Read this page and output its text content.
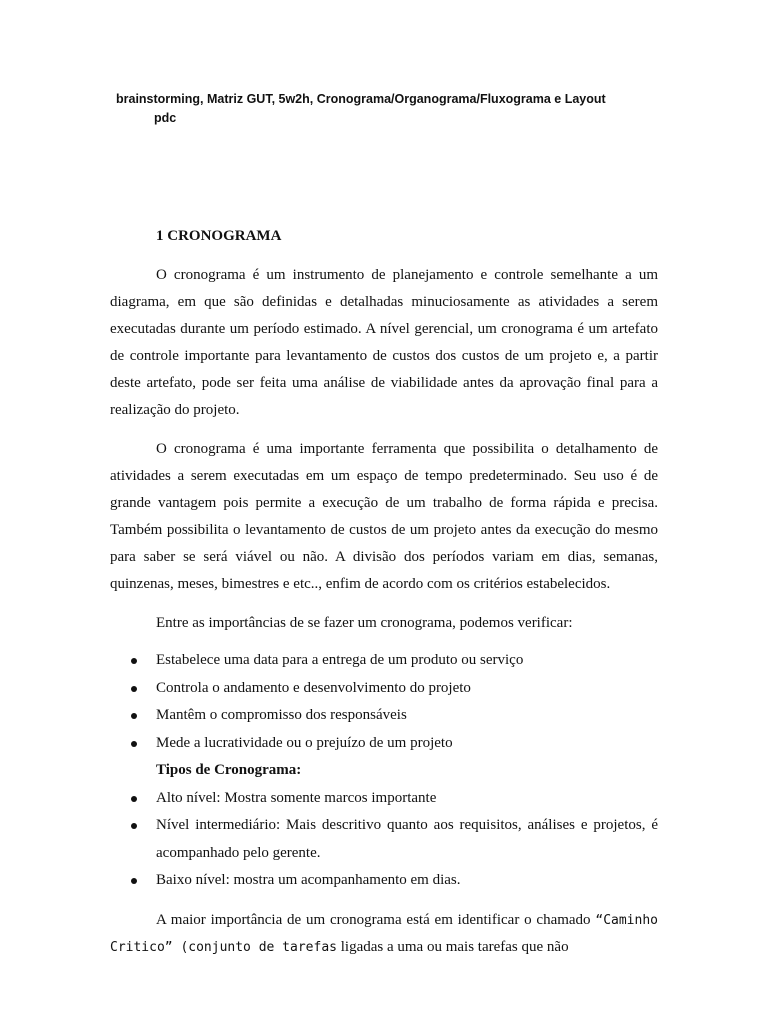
brainstorming, Matriz GUT, 5w2h, Cronograma/Organograma/Fluxograma e Layout
pdc
1 CRONOGRAMA

O cronograma é um instrumento de planejamento e controle semelhante a um diagrama, em que são definidas e detalhadas minuciosamente as atividades a serem executadas durante um período estimado. A nível gerencial, um cronograma é um artefato de controle importante para levantamento de custos dos custos de um projeto e, a partir deste artefato, pode ser feita uma análise de viabilidade antes da aprovação final para a realização do projeto.

O cronograma é uma importante ferramenta que possibilita o detalhamento de atividades a serem executadas em um espaço de tempo predeterminado. Seu uso é de grande vantagem pois permite a execução de um trabalho de forma rápida e precisa. Também possibilita o levantamento de custos de um projeto antes da execução do mesmo para saber se será viável ou não. A divisão dos períodos variam em dias, semanas, quinzenas, meses, bimestres e etc.., enfim de acordo com os critérios estabelecidos.

Entre as importâncias de se fazer um cronograma, podemos verificar:

Estabelece uma data para a entrega de um produto ou serviço
Controla o andamento e desenvolvimento do projeto
Mantêm o compromisso dos responsáveis
Mede a lucratividade ou o prejuízo de um projeto
Tipos de Cronograma:
Alto nível: Mostra somente marcos importante
Nível intermediário: Mais descritivo quanto aos requisitos, análises e projetos, é acompanhado pelo gerente.
Baixo nível: mostra um acompanhamento em dias.

A maior importância de um cronograma está em identificar o chamado “Caminho Critico” (conjunto de tarefas ligadas a uma ou mais tarefas que não
